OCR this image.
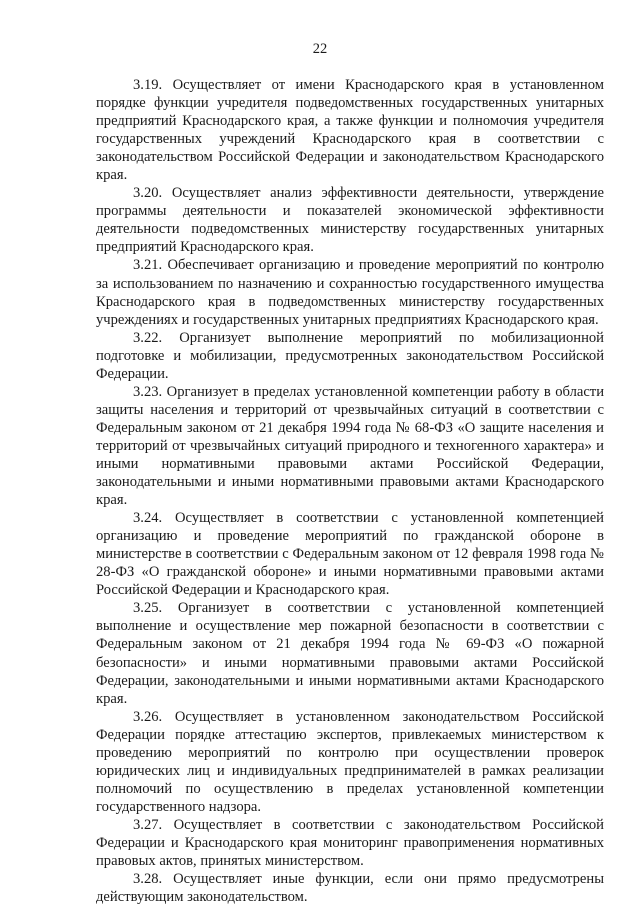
22

3.19. Осуществляет от имени Краснодарского края в установленном порядке функции учредителя подведомственных государственных унитарных предприятий Краснодарского края, а также функции и полномочия учредителя государственных учреждений Краснодарского края в соответствии с законодательством Российской Федерации и законодательством Краснодарского края.

3.20. Осуществляет анализ эффективности деятельности, утверждение программы деятельности и показателей экономической эффективности деятельности подведомственных министерству государственных унитарных предприятий Краснодарского края.

3.21. Обеспечивает организацию и проведение мероприятий по контролю за использованием по назначению и сохранностью государственного имущества Краснодарского края в подведомственных министерству государственных учреждениях и государственных унитарных предприятиях Краснодарского края.

3.22. Организует выполнение мероприятий по мобилизационной подготовке и мобилизации, предусмотренных законодательством Российской Федерации.

3.23. Организует в пределах установленной компетенции работу в области защиты населения и территорий от чрезвычайных ситуаций в соответствии с Федеральным законом от 21 декабря 1994 года № 68-ФЗ «О защите населения и территорий от чрезвычайных ситуаций природного и техногенного характера» и иными нормативными правовыми актами Российской Федерации, законодательными и иными нормативными правовыми актами Краснодарского края.

3.24. Осуществляет в соответствии с установленной компетенцией организацию и проведение мероприятий по гражданской обороне в министерстве в соответствии с Федеральным законом от 12 февраля 1998 года № 28-ФЗ «О гражданской обороне» и иными нормативными правовыми актами Российской Федерации и Краснодарского края.

3.25. Организует в соответствии с установленной компетенцией выполнение и осуществление мер пожарной безопасности в соответствии с Федеральным законом от 21 декабря 1994 года № 69-ФЗ «О пожарной безопасности» и иными нормативными правовыми актами Российской Федерации, законодательными и иными нормативными актами Краснодарского края.

3.26. Осуществляет в установленном законодательством Российской Федерации порядке аттестацию экспертов, привлекаемых министерством к проведению мероприятий по контролю при осуществлении проверок юридических лиц и индивидуальных предпринимателей в рамках реализации полномочий по осуществлению в пределах установленной компетенции государственного надзора.

3.27. Осуществляет в соответствии с законодательством Российской Федерации и Краснодарского края мониторинг правоприменения нормативных правовых актов, принятых министерством.

3.28. Осуществляет иные функции, если они прямо предусмотрены действующим законодательством.
